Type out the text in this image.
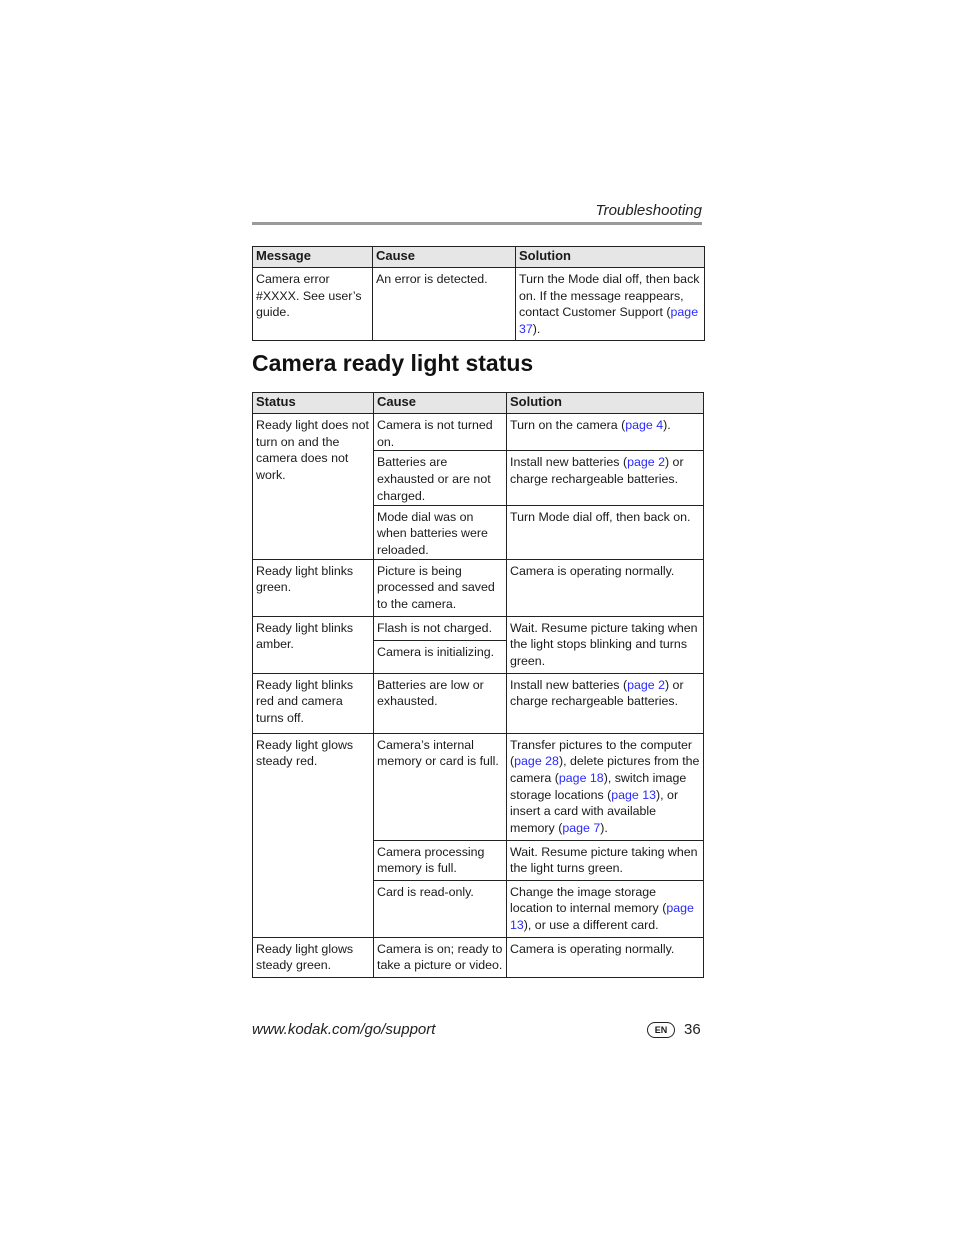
Troubleshooting
Message	Cause	Solution
Camera error #XXXX. See user’s guide.	An error is detected.	Turn the Mode dial off, then back on. If the message reappears, contact Customer Support (page 37).
Camera ready light status
Status	Cause	Solution
Ready light does not turn on and the camera does not work.	Camera is not turned on.	Turn on the camera (page 4).
	Batteries are exhausted or are not charged.	Install new batteries (page 2) or charge rechargeable batteries.
	Mode dial was on when batteries were reloaded.	Turn Mode dial off, then back on.
Ready light blinks green.	Picture is being processed and saved to the camera.	Camera is operating normally.
Ready light blinks amber.	Flash is not charged.	Wait. Resume picture taking when the light stops blinking and turns green.
	Camera is initializing.	
Ready light blinks red and camera turns off.	Batteries are low or exhausted.	Install new batteries (page 2) or charge rechargeable batteries.
Ready light glows steady red.	Camera’s internal memory or card is full.	Transfer pictures to the computer (page 28), delete pictures from the camera (page 18), switch image storage locations (page 13), or insert a card with available memory (page 7).
	Camera processing memory is full.	Wait. Resume picture taking when the light turns green.
	Card is read-only.	Change the image storage location to internal memory (page 13), or use a different card.
Ready light glows steady green.	Camera is on; ready to take a picture or video.	Camera is operating normally.
www.kodak.com/go/support	EN	36
